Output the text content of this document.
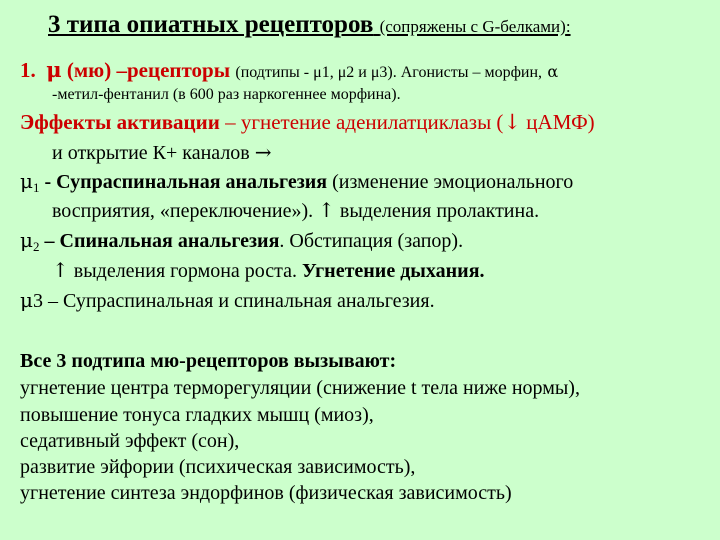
3 типа опиатных рецепторов (сопряжены с G-белками):
1. μ (мю) –рецепторы (подтипы - μ1, μ2 и μ3). Агонисты – морфин, α
-метил-фентанил (в 600 раз наркогеннее морфина).
Эффекты активации – угнетение аденилатциклазы (↓ цАМФ)
и открытие К+ каналов →
$\mu_1$ - Супраспинальная анальгезия (изменение эмоционального
восприятия, «переключение»). ↑ выделения пролактина.
$\mu_2$ – Спинальная анальгезия. Обстипация (запор).
↑ выделения гормона роста. Угнетение дыхания.
μ3 – Супраспинальная и спинальная анальгезия.
Все 3 подтипа мю-рецепторов вызывают:
угнетение центра терморегуляции (снижение t тела ниже нормы),
повышение тонуса гладких мышц (миоз),
седативный эффект (сон),
развитие эйфории (психическая зависимость),
угнетение синтеза эндорфинов (физическая зависимость)
